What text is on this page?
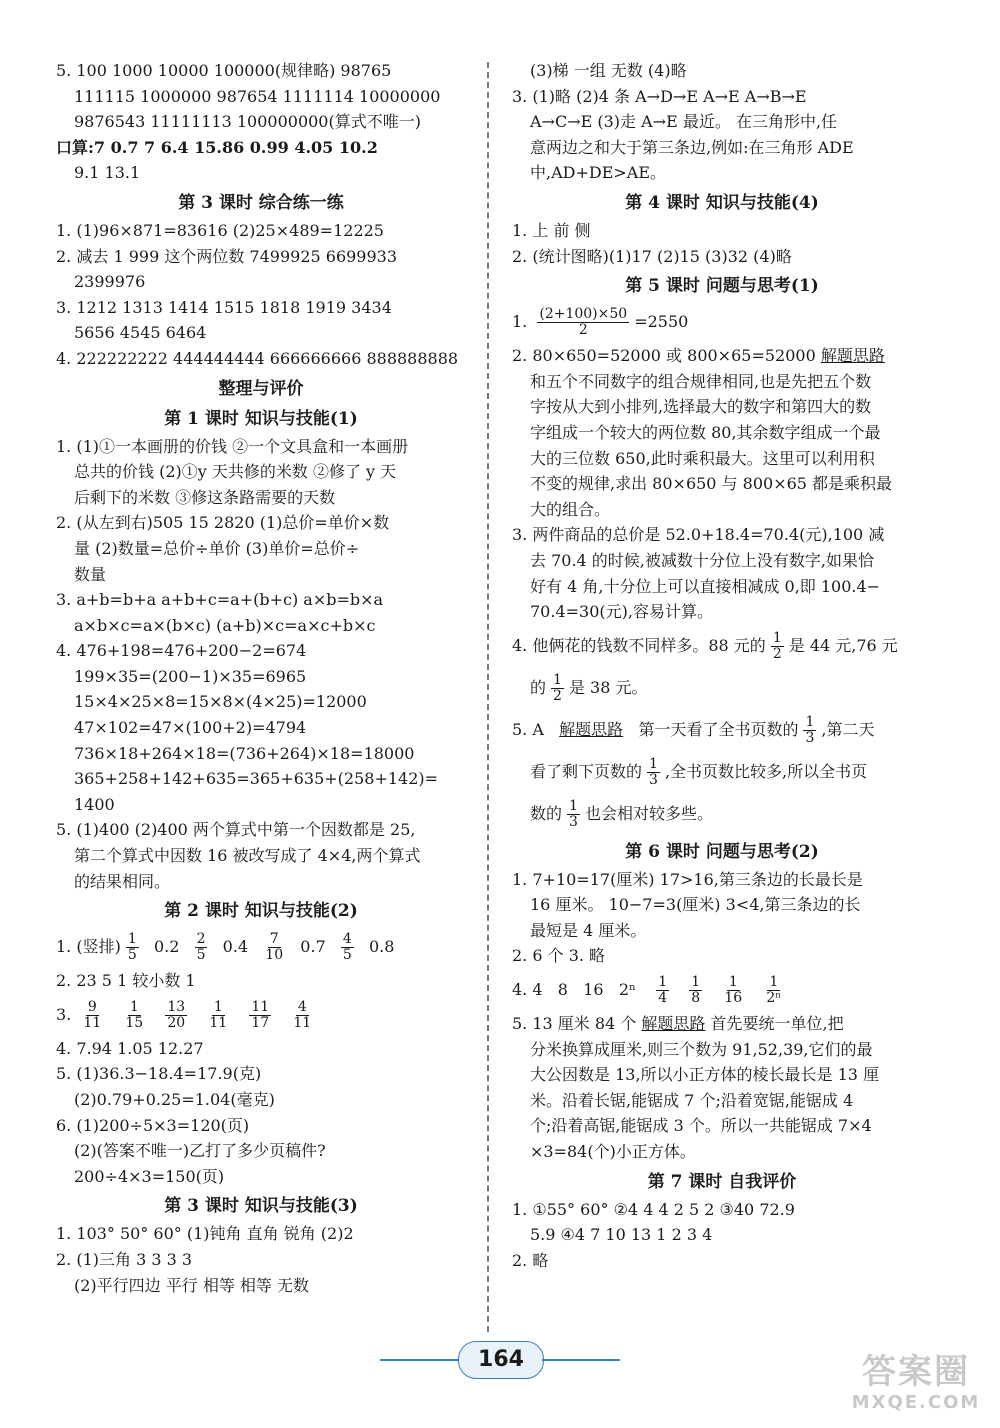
5. 100 1000 10000 100000(规律略) 98765
111115 1000000 987654 1111114 10000000
9876543 11111113 100000000(算式不唯一)
口算:7 0.7 7 6.4 15.86 0.99 4.05 10.2
9.1 13.1
第 3 课时 综合练一练
1. (1)96×871=83616 (2)25×489=12225
2. 减去 1 999 这个两位数 7499925 6699933
2399976
3. 1212 1313 1414 1515 1818 1919 3434
5656 4545 6464
4. 222222222 444444444 666666666 888888888
整理与评价
第 1 课时 知识与技能(1)
1. (1)①一本画册的价钱 ②一个文具盒和一本画册
总共的价钱 (2)①y 天共修的米数 ②修了 y 天
后剩下的米数 ③修这条路需要的天数
2. (从左到右)505 15 2820 (1)总价=单价×数
量 (2)数量=总价÷单价 (3)单价=总价÷
数量
3. a+b=b+a a+b+c=a+(b+c) a×b=b×a
a×b×c=a×(b×c) (a+b)×c=a×c+b×c
4. 476+198=476+200−2=674
199×35=(200−1)×35=6965
15×4×25×8=15×8×(4×25)=12000
47×102=47×(100+2)=4794
736×18+264×18=(736+264)×18=18000
365+258+142+635=365+635+(258+142)=
1400
5. (1)400 (2)400 两个算式中第一个因数都是 25,
第二个算式中因数 16 被改写成了 4×4,两个算式
的结果相同。
第 2 课时 知识与技能(2)
1. (竖排) $\frac{1}{5} 0.2 \frac{2}{5} 0.4 \frac{7}{10} 0.7 \frac{4}{5} 0.8$
2. 23 5 1 较小数 1
3. $\frac{9}{11}$
$\frac{1}{15}$
$\frac{13}{20}$
$\frac{1}{11}$
$\frac{11}{17}$
$\frac{4}{11}$
4. 7.94 1.05 12.27
5. (1)36.3−18.4=17.9(克)
(2)0.79+0.25=1.04(毫克)
6. (1)200÷5×3=120(页)
(2)(答案不唯一)乙打了多少页稿件?
200÷4×3=150(页)
第 3 课时 知识与技能(3)
1. 103° 50° 60° (1)钝角 直角 锐角 (2)2
2. (1)三角 3 3 3 3
(2)平行四边 平行 相等 相等 无数
(3)梯 一组 无数 (4)略
3. (1)略 (2)4 条 A→D→E A→E A→B→E
A→C→E (3)走 A→E 最近。 在三角形中,任
意两边之和大于第三条边,例如:在三角形 ADE
中,AD+DE>AE。
第 4 课时 知识与技能(4)
1. 上 前 侧
2. (统计图略)(1)17 (2)15 (3)32 (4)略
第 5 课时 问题与思考(1)
1. $\frac{(2+100)\times 50}{2} =2550$
2. 80×650=52000 或 800×65=52000 解题思路
和五个不同数字的组合规律相同,也是先把五个数
字按从大到小排列,选择最大的数字和第四大的数
字组成一个较大的两位数 80,其余数字组成一个最
大的三位数 650,此时乘积最大。这里可以利用积
不变的规律,求出 80×650 与 800×65 都是乘积最
大的组合。
3. 两件商品的总价是 52.0+18.4=70.4(元),100 减
去 70.4 的时候,被减数十分位上没有数字,如果恰
好有 4 角,十分位上可以直接相减成 0,即 100.4−
70.4=30(元),容易计算。
4. 他俩花的钱数不同样多。88 元的 $\frac{1}{2}$ 是 44 元,76 元
的 $\frac{1}{2}$ 是 38 元。
5. A   解题思路   第一天看了全书页数的 $\frac{1}{3}$ ,第二天
看了剩下页数的 $\frac{1}{3}$ ,全书页数比较多,所以全书页
数的 $\frac{1}{3}$ 也会相对较多些。
第 6 课时 问题与思考(2)
1. 7+10=17(厘米) 17>16,第三条边的长最长是
16 厘米。 10−7=3(厘米) 3<4,第三条边的长
最短是 4 厘米。
2. 6 个 3. 略
4. 4   8   16   $2^n \frac{1}{4}$
$\frac{1}{8}$
$\frac{1}{16}$
$\frac{1}{\text{2ⁿ}}$
5. 13 厘米 84 个 解题思路 首先要统一单位,把
分米换算成厘米,则三个数为 91,52,39,它们的最
大公因数是 13,所以小正方体的棱长最长是 13 厘
米。沿着长锯,能锯成 7 个;沿着宽锯,能锯成 4
个;沿着高锯,能锯成 3 个。所以一共能锯成 7×4
×3=84(个)小正方体。
第 7 课时 自我评价
1. ①55° 60° ②4 4 4 2 5 2 ③40 72.9
5.9 ④4 7 10 13 1 2 3 4
2. 略
164	答案圈
MXQE.COM
